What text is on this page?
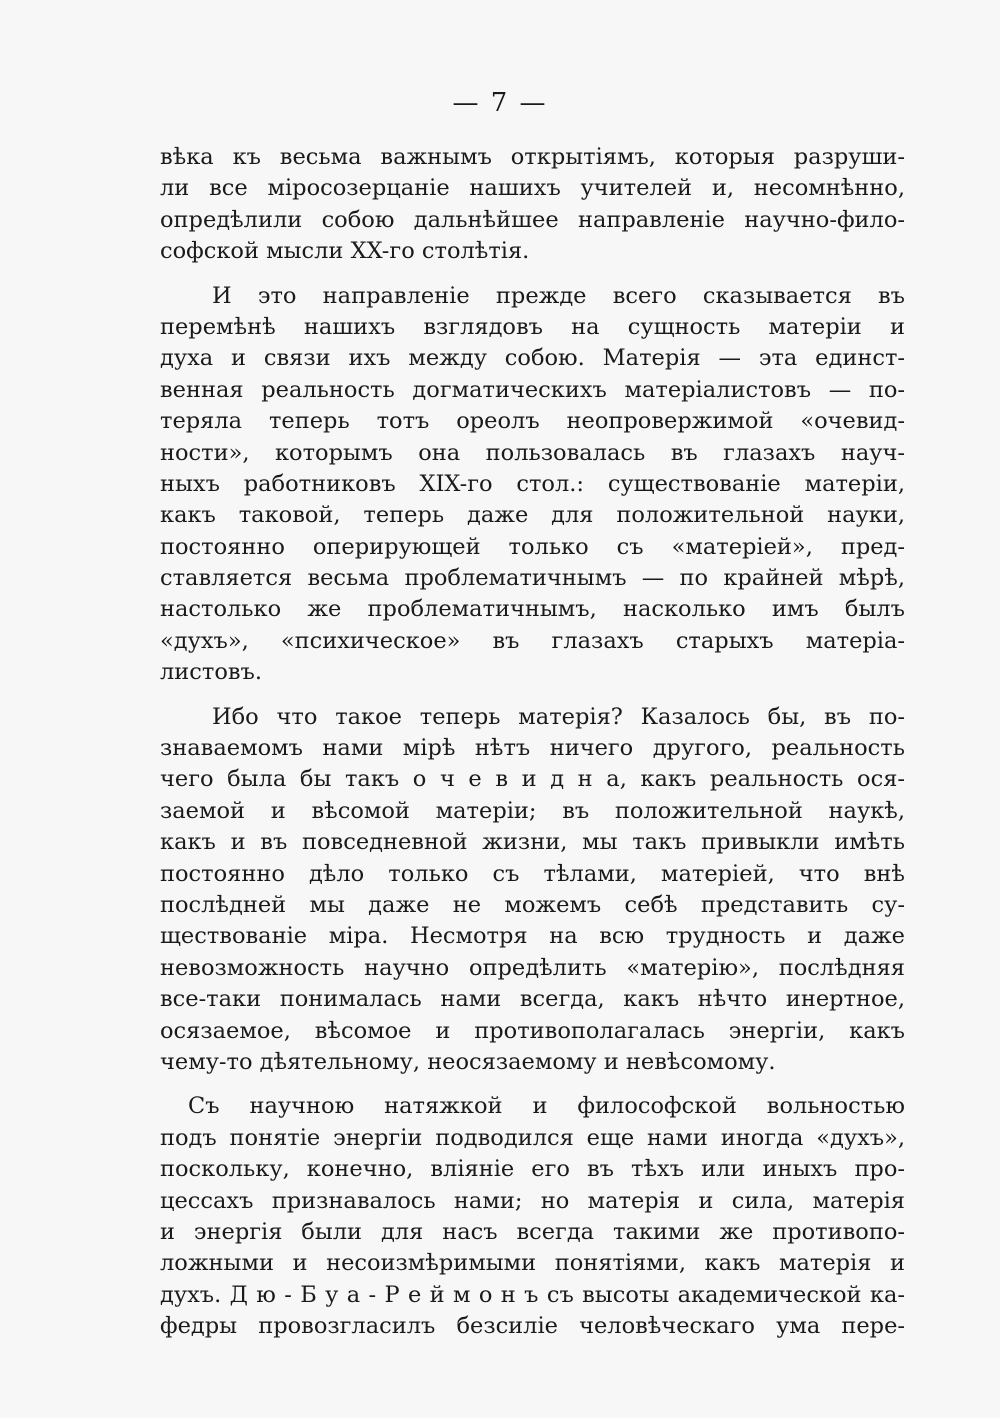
— 7 —
вѣка къ весьма важнымъ открытіямъ, которыя разруши-
ли все міросозерцаніе нашихъ учителей и, несомнѣнно,
опредѣлили собою дальнѣйшее направленіе научно-фило-
софской мысли XX-го столѣтія.
И это направленіе прежде всего сказывается въ
перемѣнѣ нашихъ взглядовъ на сущность матеріи и
духа и связи ихъ между собою. Матерія — эта единст-
венная реальность догматическихъ матеріалистовъ — по-
теряла теперь тотъ ореолъ неопровержимой «очевид-
ности», которымъ она пользовалась въ глазахъ науч-
ныхъ работниковъ XIX-го стол.: существованіе матеріи,
какъ таковой, теперь даже для положительной науки,
постоянно оперирующей только съ «матеріей», пред-
ставляется весьма проблематичнымъ — по крайней мѣрѣ,
настолько же проблематичнымъ, насколько имъ былъ
«духъ», «психическое» въ глазахъ старыхъ матеріа-
листовъ.
Ибо что такое теперь матерія? Казалось бы, въ по-
знаваемомъ нами мірѣ нѣтъ ничего другого, реальность
чего была бы такъ о ч е в и д н а, какъ реальность ося-
заемой и вѣсомой матеріи; въ положительной наукѣ,
какъ и въ повседневной жизни, мы такъ привыкли имѣть
постоянно дѣло только съ тѣлами, матеріей, что внѣ
послѣдней мы даже не можемъ себѣ представить су-
ществованіе міра. Несмотря на всю трудность и даже
невозможность научно опредѣлить «матерію», послѣдняя
все-таки понималась нами всегда, какъ нѣчто инертное,
осязаемое, вѣсомое и противополагалась энергіи, какъ
чему-то дѣятельному, неосязаемому и невѣсомому.
Съ научною натяжкой и философской вольностью
подъ понятіе энергіи подводился еще нами иногда «духъ»,
поскольку, конечно, вліяніе его въ тѣхъ или иныхъ про-
цессахъ признавалось нами; но матерія и сила, матерія
и энергія были для насъ всегда такими же противопо-
ложными и несоизмѣримыми понятіями, какъ матерія и
духъ. Д ю - Б у а - Р е й м о н ъ съ высоты академической ка-
федры провозгласилъ безсиліе человѣческаго ума пере-
